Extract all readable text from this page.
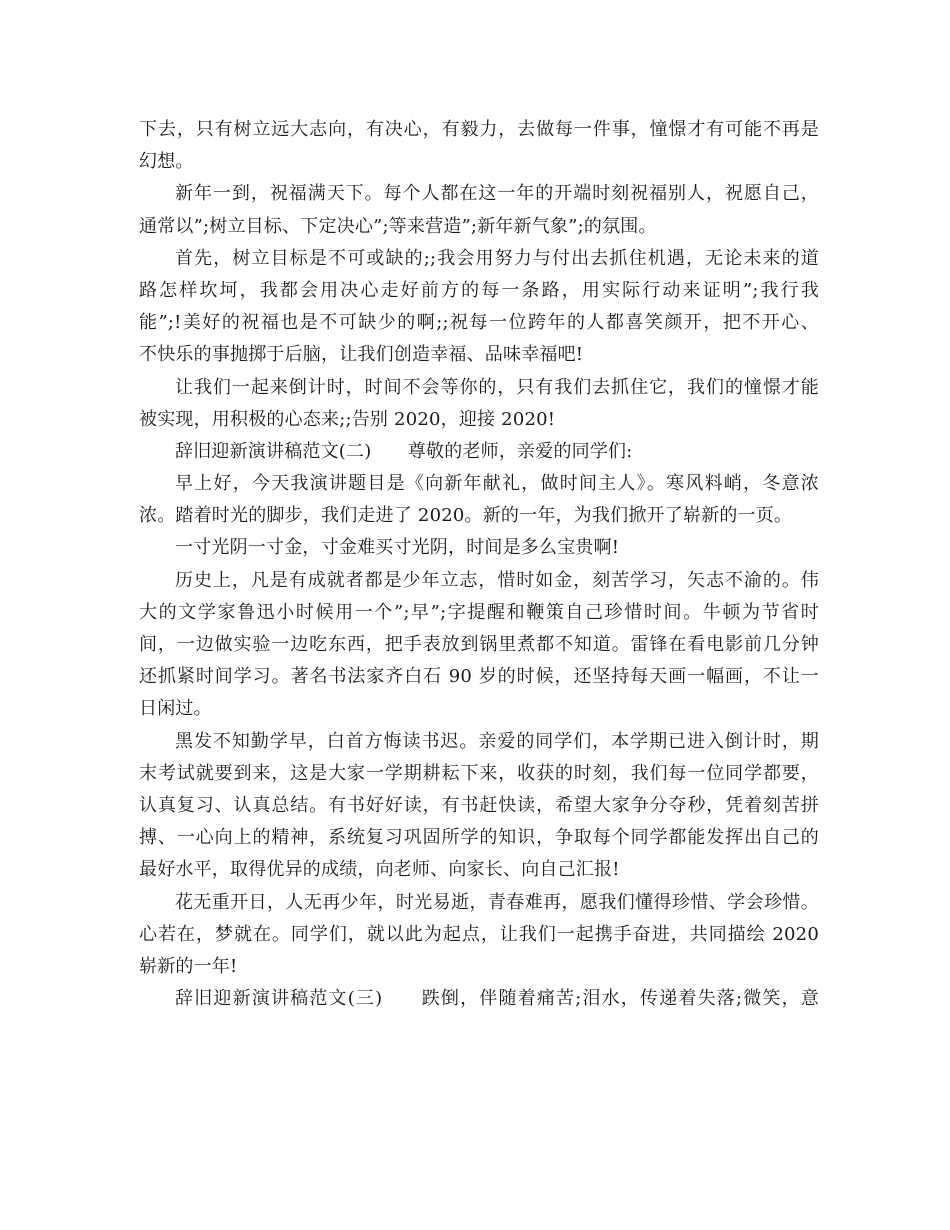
下去，只有树立远大志向，有决心，有毅力，去做每一件事，憧憬才有可能不再是
幻想。
新年一到，祝福满天下。每个人都在这一年的开端时刻祝福别人，祝愿自己，
通常以”;树立目标、下定决心”;等来营造”;新年新气象”;的氛围。
首先，树立目标是不可或缺的;;我会用努力与付出去抓住机遇，无论未来的道
路怎样坎坷，我都会用决心走好前方的每一条路，用实际行动来证明”;我行我
能”;!美好的祝福也是不可缺少的啊;;祝每一位跨年的人都喜笑颜开，把不开心、
不快乐的事抛掷于后脑，让我们创造幸福、品味幸福吧!
让我们一起来倒计时，时间不会等你的，只有我们去抓住它，我们的憧憬才能
被实现，用积极的心态来;;告别 2020，迎接 2020!
辞旧迎新演讲稿范文(二)　　尊敬的老师，亲爱的同学们:
早上好，今天我演讲题目是《向新年献礼，做时间主人》。寒风料峭，冬意浓
浓。踏着时光的脚步，我们走进了 2020。新的一年，为我们掀开了崭新的一页。
一寸光阴一寸金，寸金难买寸光阴，时间是多么宝贵啊!
历史上，凡是有成就者都是少年立志，惜时如金，刻苦学习，矢志不渝的。伟
大的文学家鲁迅小时候用一个”;早”;字提醒和鞭策自己珍惜时间。牛顿为节省时
间，一边做实验一边吃东西，把手表放到锅里煮都不知道。雷锋在看电影前几分钟
还抓紧时间学习。著名书法家齐白石 90 岁的时候，还坚持每天画一幅画，不让一
日闲过。
黑发不知勤学早，白首方悔读书迟。亲爱的同学们，本学期已进入倒计时，期
末考试就要到来，这是大家一学期耕耘下来，收获的时刻，我们每一位同学都要，
认真复习、认真总结。有书好好读，有书赶快读，希望大家争分夺秒，凭着刻苦拼
搏、一心向上的精神，系统复习巩固所学的知识，争取每个同学都能发挥出自己的
最好水平，取得优异的成绩，向老师、向家长、向自己汇报!
花无重开日，人无再少年，时光易逝，青春难再，愿我们懂得珍惜、学会珍惜。
心若在，梦就在。同学们，就以此为起点，让我们一起携手奋进，共同描绘 2020
崭新的一年!
辞旧迎新演讲稿范文(三)　　跌倒，伴随着痛苦;泪水，传递着失落;微笑，意
